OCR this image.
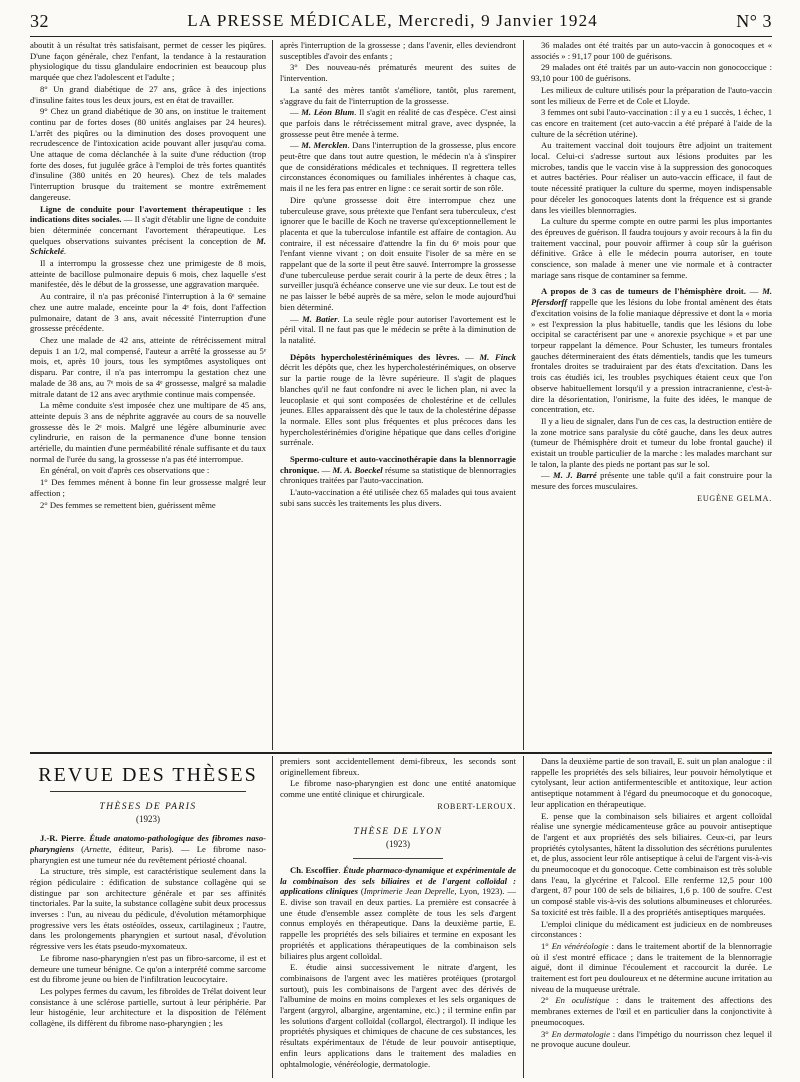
32	LA PRESSE MÉDICALE, Mercredi, 9 Janvier 1924	N° 3

aboutit à un résultat très satisfaisant, permet de cesser les piqûres. D'une façon générale, chez l'enfant, la tendance à la restauration physiologique du tissu glandulaire endocrinien est beaucoup plus marquée que chez l'adolescent et l'adulte ;

8° Un grand diabétique de 27 ans, grâce à des injections d'insuline faites tous les deux jours, est en état de travailler.

9° Chez un grand diabétique de 30 ans, on institue le traitement continu par de fortes doses (80 unités anglaises par 24 heures). L'arrêt des piqûres ou la diminution des doses provoquent une recrudescence de l'intoxication acide pouvant aller jusqu'au coma. Une attaque de coma déclanchée à la suite d'une réduction (trop forte des doses, fut jugulée grâce à l'emploi de très fortes quantités d'insuline (380 unités en 20 heures). Chez de tels malades l'interruption brusque du traitement se montre extrêmement dangereuse.

Ligne de conduite pour l'avortement thérapeutique : les indications dites sociales. — Il s'agit d'établir une ligne de conduite bien déterminée concernant l'avortement thérapeutique. Les quelques observations suivantes précisent la conception de M. Schickelé.

Il a interrompu la grossesse chez une primigeste de 8 mois, atteinte de bacillose pulmonaire depuis 6 mois, chez laquelle s'est manifestée, dès le début de la grossesse, une aggravation marquée.

Au contraire, il n'a pas préconisé l'interruption à la 6ᵉ semaine chez une autre malade, enceinte pour la 4ᵉ fois, dont l'affection pulmonaire, datant de 3 ans, avait nécessité l'interruption d'une grossesse précédente.

Chez une malade de 42 ans, atteinte de rétrécissement mitral depuis 1 an 1/2, mal compensé, l'auteur a arrêté la grossesse au 5ᵉ mois, et, après 10 jours, tous les symptômes asystoliques ont disparu. Par contre, il n'a pas interrompu la gestation chez une malade de 38 ans, au 7ᵉ mois de sa 4ᵉ grossesse, malgré sa maladie mitrale datant de 12 ans avec arythmie continue mais compensée.

La même conduite s'est imposée chez une multipare de 45 ans, atteinte depuis 3 ans de néphrite aggravée au cours de sa nouvelle grossesse dès le 2ᵉ mois. Malgré une légère albuminurie avec cylindrurie, en raison de la permanence d'une bonne tension artérielle, du maintien d'une perméabilité rénale suffisante et du taux normal de l'urée du sang, la grossesse n'a pas été interrompue.

En général, on voit d'après ces observations que :

1° Des femmes ménent à bonne fin leur grossesse malgré leur affection ;

2° Des femmes se remettent bien, guérissent même

après l'interruption de la grossesse ; dans l'avenir, elles deviendront susceptibles d'avoir des enfants ;

3° Des nouveau-nés prématurés meurent des suites de l'intervention.

La santé des mères tantôt s'améliore, tantôt, plus rarement, s'aggrave du fait de l'interruption de la grossesse.

— M. Léon Blum. Il s'agit en réalité de cas d'espèce. C'est ainsi que parfois dans le rétrécissement mitral grave, avec dyspnée, la grossesse peut être menée à terme.

— M. Mercklen. Dans l'interruption de la grossesse, plus encore peut-être que dans tout autre question, le médecin n'a à s'inspirer que de considérations médicales et techniques. Il regrettera telles circonstances économiques ou familiales inhérentes à chaque cas, mais il ne les fera pas entrer en ligne : ce serait sortir de son rôle.

Dire qu'une grossesse doit être interrompue chez une tuberculeuse grave, sous prétexte que l'enfant sera tuberculeux, c'est ignorer que le bacille de Koch ne traverse qu'exceptionnellement le placenta et que la tuberculose infantile est affaire de contagion. Au contraire, il est nécessaire d'attendre la fin du 6ᵉ mois pour que l'enfant vienne vivant ; on doit ensuite l'isoler de sa mère en se rappelant que de la sorte il peut être sauvé. Interrompre la grossesse d'une tuberculeuse perdue serait courir à la perte de deux êtres ; la surveiller jusqu'à échéance conserve une vie sur deux. Le tout est de ne pas laisser le bébé auprès de sa mère, selon le mode aujourd'hui bien déterminé.

— M. Batier. La seule règle pour autoriser l'avortement est le péril vital. Il ne faut pas que le médecin se prête à la diminution de la natalité.

Dépôts hypercholestérinémiques des lèvres. — M. Finck décrit les dépôts que, chez les hypercholestérinémiques, on observe sur la partie rouge de la lèvre supérieure. Il s'agit de plaques blanches qu'il ne faut confondre ni avec le lichen plan, ni avec la leucoplasie et qui sont composées de cholestérine et de cellules jeunes. Elles apparaissent dès que le taux de la cholestérine dépasse la normale. Elles sont plus fréquentes et plus précoces dans les hypercholestérinémies d'origine hépatique que dans celles d'origine surrénale.

Spermo-culture et auto-vaccinothérapie dans la blennorragie chronique. — M. A. Boeckel résume sa statistique de blennorragies chroniques traitées par l'auto-vaccination.

L'auto-vaccination a été utilisée chez 65 malades qui tous avaient subi sans succès les traitements les plus divers.

36 malades ont été traités par un auto-vaccin à gonocoques et « associés » : 91,17 pour 100 de guérisons.

29 malades ont été traités par un auto-vaccin non gonococcique : 93,10 pour 100 de guérisons.

Les milieux de culture utilisés pour la préparation de l'auto-vaccin sont les milieux de Ferre et de Cole et Lloyde.

3 femmes ont subi l'auto-vaccination : il y a eu 1 succès, 1 échec, 1 cas encore en traitement (cet auto-vaccin a été préparé à l'aide de la culture de la sécrétion utérine).

Au traitement vaccinal doit toujours être adjoint un traitement local. Celui-ci s'adresse surtout aux lésions produites par les microbes, tandis que le vaccin vise à la suppression des gonocoques et autres bactéries. Pour réaliser un auto-vaccin efficace, il faut de toute nécessité pratiquer la culture du sperme, moyen indispensable pour déceler les gonocoques latents dont la fréquence est si grande dans les vieilles blennorragies.

La culture du sperme compte en outre parmi les plus importantes des épreuves de guérison. Il faudra toujours y avoir recours à la fin du traitement vaccinal, pour pouvoir affirmer à coup sûr la guérison définitive. Grâce à elle le médecin pourra autoriser, en toute conscience, son malade à mener une vie normale et à contracter mariage sans risque de contaminer sa femme.

A propos de 3 cas de tumeurs de l'hémisphère droit. — M. Pfersdorff rappelle que les lésions du lobe frontal amènent des états d'excitation voisins de la folie maniaque dépressive et dont la « moria » est l'expression la plus habituelle, tandis que les lésions du lobe occipital se caractérisent par une « anorexie psychique » et par une torpeur rappelant la démence. Pour Schuster, les tumeurs frontales gauches détermineraient des états démentiels, tandis que les tumeurs frontales droites se traduiraient par des états d'excitation. Dans les trois cas étudiés ici, les troubles psychiques étaient ceux que l'on observe habituellement lorsqu'il y a pression intracranienne, c'est-à-dire la désorientation, l'onirisme, la fuite des idées, le manque de concentration, etc.

Il y a lieu de signaler, dans l'un de ces cas, la destruction entière de la zone motrice sans paralysie du côté gauche, dans les deux autres (tumeur de l'hémisphère droit et tumeur du lobe frontal gauche) il existait un trouble particulier de la marche : les malades marchant sur le talon, la plante des pieds ne portant pas sur le sol.

— M. J. Barré présente une table qu'il a fait construire pour la mesure des forces musculaires.

EUGÈNE GELMA.

REVUE DES THÈSES
THÈSES DE PARIS
(1923)

J.-R. Pierre. Étude anatomo-pathologique des fibromes naso-pharyngiens (Arnette, éditeur, Paris). — Le fibrome naso-pharyngien est une tumeur née du revêtement périosté choanal.

La structure, très simple, est caractéristique seulement dans la région pédiculaire : édification de substance collagène qui se distingue par son architecture générale et par ses affinités tinctoriales. Par la suite, la substance collagène subit deux processus inverses : l'un, au niveau du pédicule, d'évolution métamorphique progressive vers les états ostéoïdes, osseux, cartilagineux ; l'autre, dans les prolongements pharyngien et surtout nasal, d'évolution régressive vers les états pseudo-myxomateux.

Le fibrome naso-pharyngien n'est pas un fibro-sarcome, il est et demeure une tumeur bénigne. Ce qu'on a interprété comme sarcome est du fibrome jeune ou bien de l'infiltration leucocytaire.

Les polypes fermes du cavum, les fibroïdes de Trélat doivent leur consistance à une sclérose partielle, surtout à leur périphérie. Par leur histogénie, leur architecture et la disposition de l'élément collagène, ils diffèrent du fibrome naso-pharyngien ; les

premiers sont accidentellement demi-fibreux, les seconds sont originellement fibreux.

Le fibrome naso-pharyngien est donc une entité anatomique comme une entité clinique et chirurgicale.

ROBERT-LEROUX.

THÈSE DE LYON
(1923)

Ch. Escoffier. Étude pharmaco-dynamique et expérimentale de la combinaison des sels biliaires et de l'argent colloïdal : applications cliniques (Imprimerie Jean Deprelle, Lyon, 1923). — E. divise son travail en deux parties. La première est consacrée à une étude d'ensemble assez complète de tous les sels d'argent connus employés en thérapeutique. Dans la deuxième partie, E. rappelle les propriétés des sels biliaires et termine en exposant les propriétés et applications thérapeutiques de la combinaison sels biliaires plus argent colloïdal.

E. étudie ainsi successivement le nitrate d'argent, les combinaisons de l'argent avec les matières protéiques (protargol surtout), puis les combinaisons de l'argent avec des dérivés de l'albumine de moins en moins complexes et les sels organiques de l'argent (argyrol, albargine, argentamine, etc.) ; il termine enfin par les solutions d'argent colloïdal (collargol, électrargol). Il indique les propriétés physiques et chimiques de chacune de ces substances, les résultats expérimentaux de l'étude de leur pouvoir antiseptique, enfin leurs applications dans le traitement des maladies en ophtalmologie, vénéréologie, dermatologie.

Dans la deuxième partie de son travail, E. suit un plan analogue : il rappelle les propriétés des sels biliaires, leur pouvoir hémolytique et cytolysant, leur action antifermentescible et antitoxique, leur action antiseptique notamment à l'égard du pneumocoque et du gonocoque, leur application en thérapeutique.

E. pense que la combinaison sels biliaires et argent colloïdal réalise une synergie médicamenteuse grâce au pouvoir antiseptique de l'argent et aux propriétés des sels biliaires. Ceux-ci, par leurs propriétés cytolysantes, hâtent la dissolution des sécrétions purulentes et, de plus, associent leur rôle antiseptique à celui de l'argent vis-à-vis du pneumocoque et du gonocoque. Cette combinaison est très soluble dans l'eau, la glycérine et l'alcool. Elle renferme 12,5 pour 100 d'argent, 87 pour 100 de sels de biliaires, 1,6 p. 100 de soufre. C'est un composé stable vis-à-vis des solutions albumineuses et chlorurées. Sa toxicité est très faible. Il a des propriétés antiseptiques marquées.

L'emploi clinique du médicament est judicieux en de nombreuses circonstances :

1° En vénéréologie : dans le traitement abortif de la blennorragie où il s'est montré efficace ; dans le traitement de la blennorragie aiguë, dont il diminue l'écoulement et raccourcit la durée. Le traitement est fort peu douloureux et ne détermine aucune irritation au niveau de la muqueuse urétrale.

2° En oculistique : dans le traitement des affections des membranes externes de l'œil et en particulier dans la conjonctivite à pneumocoques.

3° En dermatologie : dans l'impétigo du nourrisson chez lequel il ne provoque aucune douleur.
